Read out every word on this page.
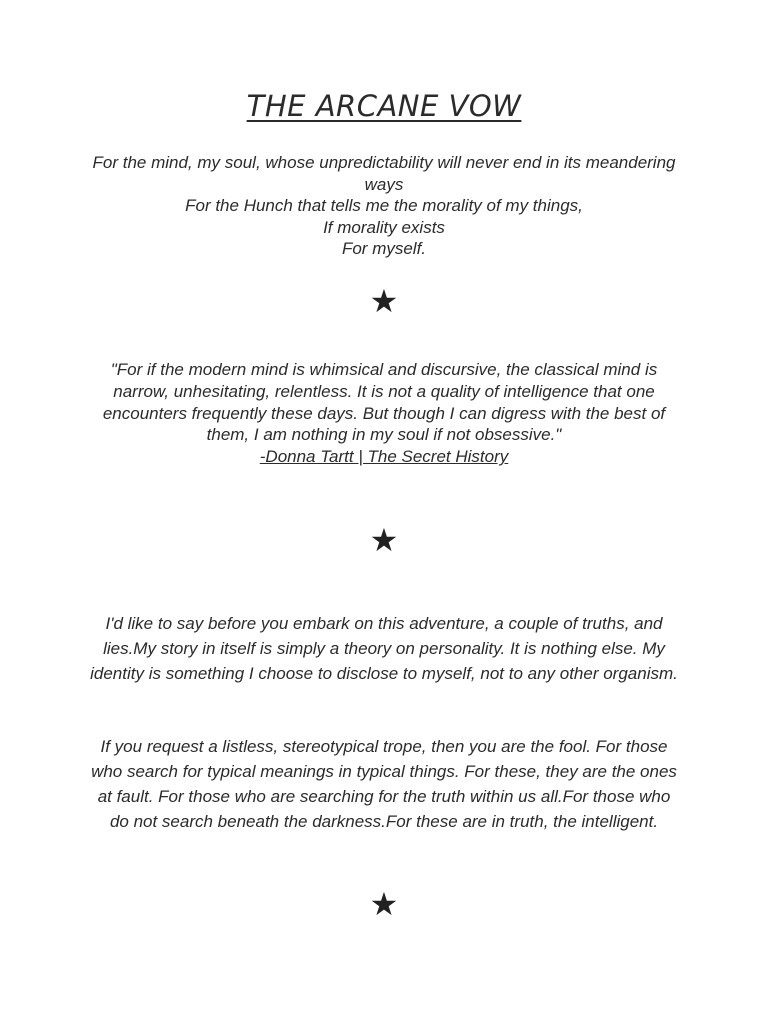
THE ARCANE VOW

For the mind, my soul, whose unpredictability will never end in its meandering ways
For the Hunch that tells me the morality of my things,
If morality exists
For myself.

★

"For if the modern mind is whimsical and discursive, the classical mind is narrow, unhesitating, relentless. It is not a quality of intelligence that one encounters frequently these days. But though I can digress with the best of them, I am nothing in my soul if not obsessive."
-Donna Tartt | The Secret History

★

I'd like to say before you embark on this adventure, a couple of truths, and lies.My story in itself is simply a theory on personality. It is nothing else. My identity is something I choose to disclose to myself, not to any other organism.

If you request a listless, stereotypical trope, then you are the fool. For those who search for typical meanings in typical things. For these, they are the ones at fault. For those who are searching for the truth within us all.For those who do not search beneath the darkness.For these are in truth, the intelligent.

★
